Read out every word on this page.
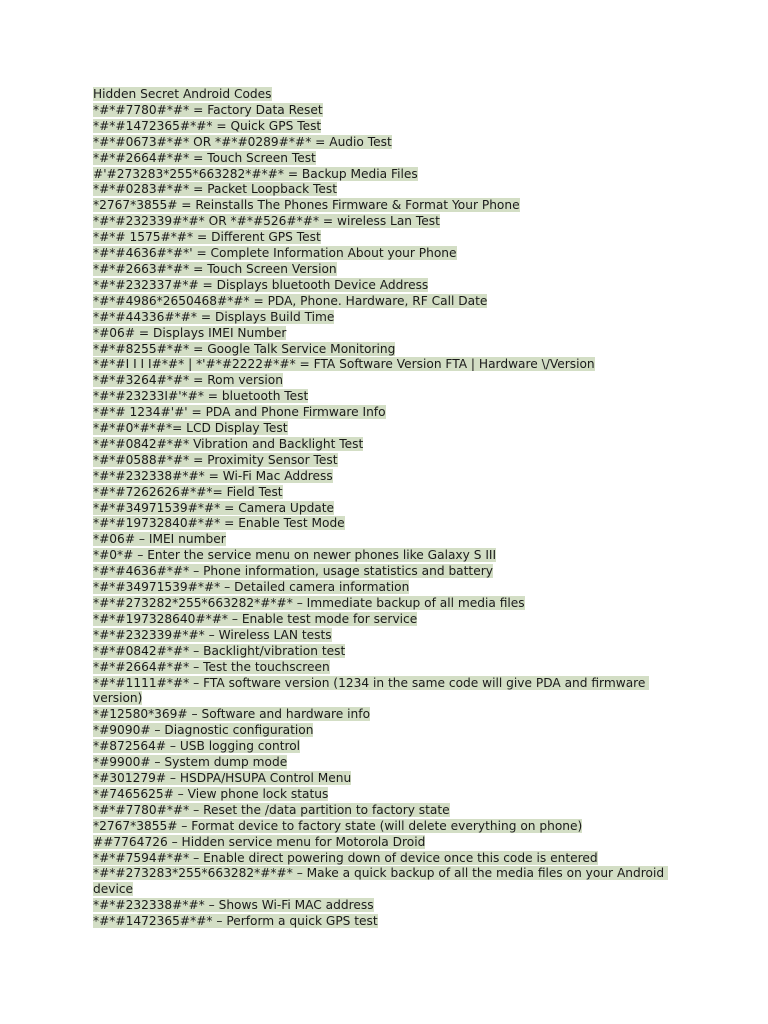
Hidden Secret Android Codes
*#*#7780#*#* = Factory Data Reset
*#*#1472365#*#* = Quick GPS Test
*#*#0673#*#* OR *#*#0289#*#* = Audio Test
*#*#2664#*#* = Touch Screen Test
#'#273283*255*663282*#*#* = Backup Media Files
*#*#0283#*#* = Packet Loopback Test
*2767*3855# = Reinstalls The Phones Firmware & Format Your Phone
*#*#232339#*#* OR *#*#526#*#* = wireless Lan Test
*#*# 1575#*#* = Different GPS Test
*#*#4636#*#*' = Complete Information About your Phone
*#*#2663#*#* = Touch Screen Version
*#*#232337#*# = Displays bluetooth Device Address
*#*#4986*2650468#*#* = PDA, Phone. Hardware, RF Call Date
*#*#44336#*#* = Displays Build Time
*#06# = Displays IMEI Number
*#*#8255#*#* = Google Talk Service Monitoring
*#*#I I I I#*#* | *'#*#2222#*#* = FTA Software Version FTA | Hardware \/Version
*#*#3264#*#* = Rom version
*#*#23233I#'*#* = bluetooth Test
*#*# 1234#'#' = PDA and Phone Firmware Info
*#*#0*#*#*= LCD Display Test
*#*#0842#*#* Vibration and Backlight Test
*#*#0588#*#* = Proximity Sensor Test
*#*#232338#*#* = Wi-Fi Mac Address
*#*#7262626#*#*= Field Test
*#*#34971539#*#* = Camera Update
*#*#19732840#*#* = Enable Test Mode
*#06# – IMEI number
*#0*# – Enter the service menu on newer phones like Galaxy S III
*#*#4636#*#* – Phone information, usage statistics and battery
*#*#34971539#*#* – Detailed camera information
*#*#273282*255*663282*#*#* – Immediate backup of all media files
*#*#197328640#*#* – Enable test mode for service
*#*#232339#*#* – Wireless LAN tests
*#*#0842#*#* – Backlight/vibration test
*#*#2664#*#* – Test the touchscreen
*#*#1111#*#* – FTA software version (1234 in the same code will give PDA and firmware version)
*#12580*369# – Software and hardware info
*#9090# – Diagnostic configuration
*#872564# – USB logging control
*#9900# – System dump mode
*#301279# – HSDPA/HSUPA Control Menu
*#7465625# – View phone lock status
*#*#7780#*#* – Reset the /data partition to factory state
*2767*3855# – Format device to factory state (will delete everything on phone)
##7764726 – Hidden service menu for Motorola Droid
*#*#7594#*#* – Enable direct powering down of device once this code is entered
*#*#273283*255*663282*#*#* – Make a quick backup of all the media files on your Android device
*#*#232338#*#* – Shows Wi-Fi MAC address
*#*#1472365#*#* – Perform a quick GPS test
